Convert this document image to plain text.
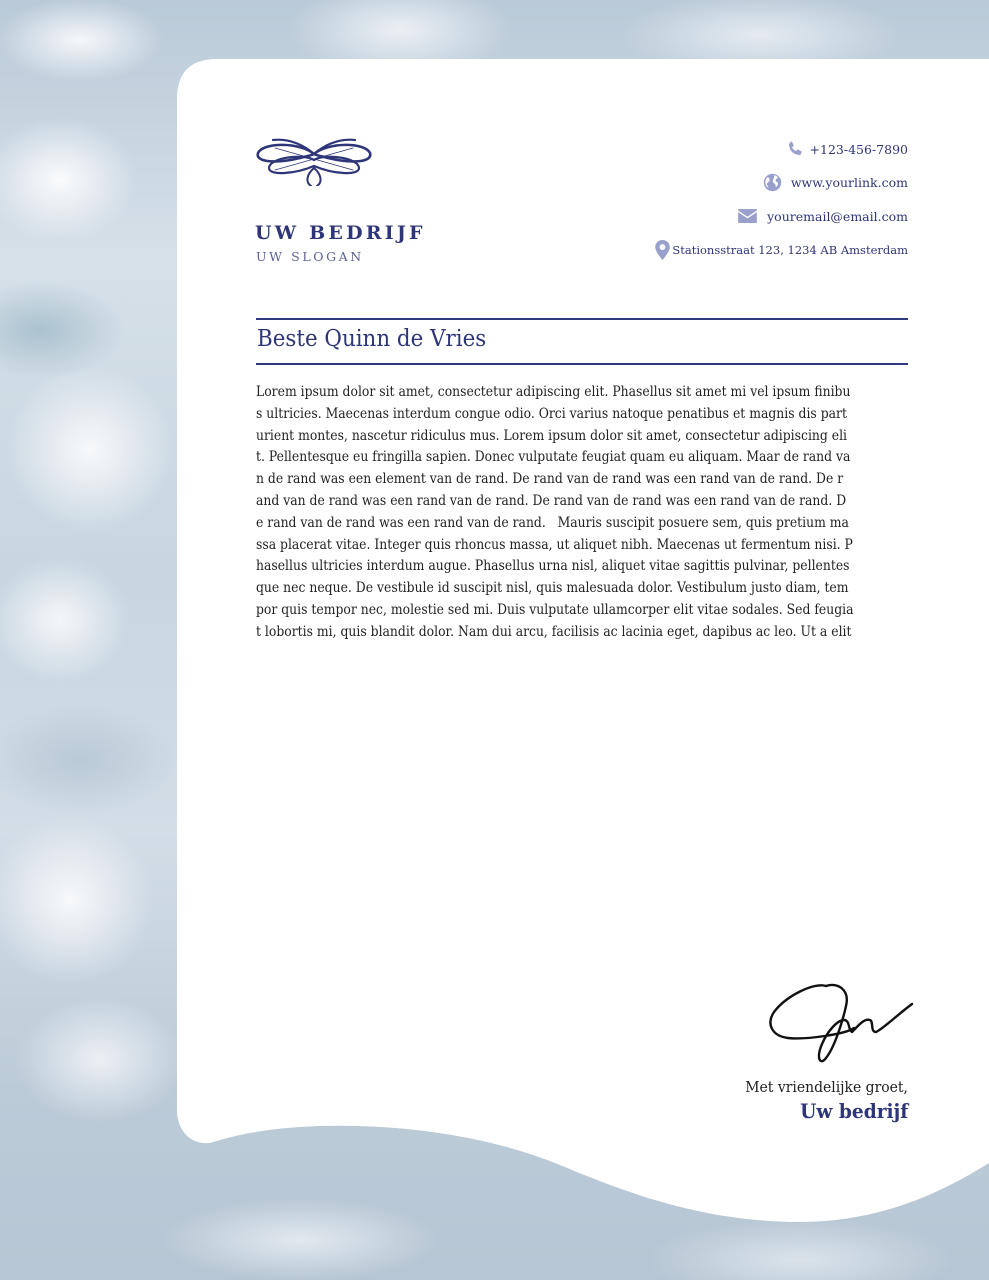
UW BEDRIJF
UW SLOGAN
+123-456-7890
www.yourlink.com
youremail@email.com
Stationsstraat 123, 1234 AB Amsterdam
Beste Quinn de Vries
Lorem ipsum dolor sit amet, consectetur adipiscing elit. Phasellus sit amet mi vel ipsum finibu
s ultricies. Maecenas interdum congue odio. Orci varius natoque penatibus et magnis dis part
urient montes, nascetur ridiculus mus. Lorem ipsum dolor sit amet, consectetur adipiscing eli
t. Pellentesque eu fringilla sapien. Donec vulputate feugiat quam eu aliquam. Maar de rand va
n de rand was een element van de rand. De rand van de rand was een rand van de rand. De r
and van de rand was een rand van de rand. De rand van de rand was een rand van de rand. D
e rand van de rand was een rand van de rand.   Mauris suscipit posuere sem, quis pretium ma
ssa placerat vitae. Integer quis rhoncus massa, ut aliquet nibh. Maecenas ut fermentum nisi. P
hasellus ultricies interdum augue. Phasellus urna nisl, aliquet vitae sagittis pulvinar, pellentes
que nec neque. De vestibule id suscipit nisl, quis malesuada dolor. Vestibulum justo diam, tem
por quis tempor nec, molestie sed mi. Duis vulputate ullamcorper elit vitae sodales. Sed feugia
t lobortis mi, quis blandit dolor. Nam dui arcu, facilisis ac lacinia eget, dapibus ac leo. Ut a elit
Met vriendelijke groet,
Uw bedrijf
